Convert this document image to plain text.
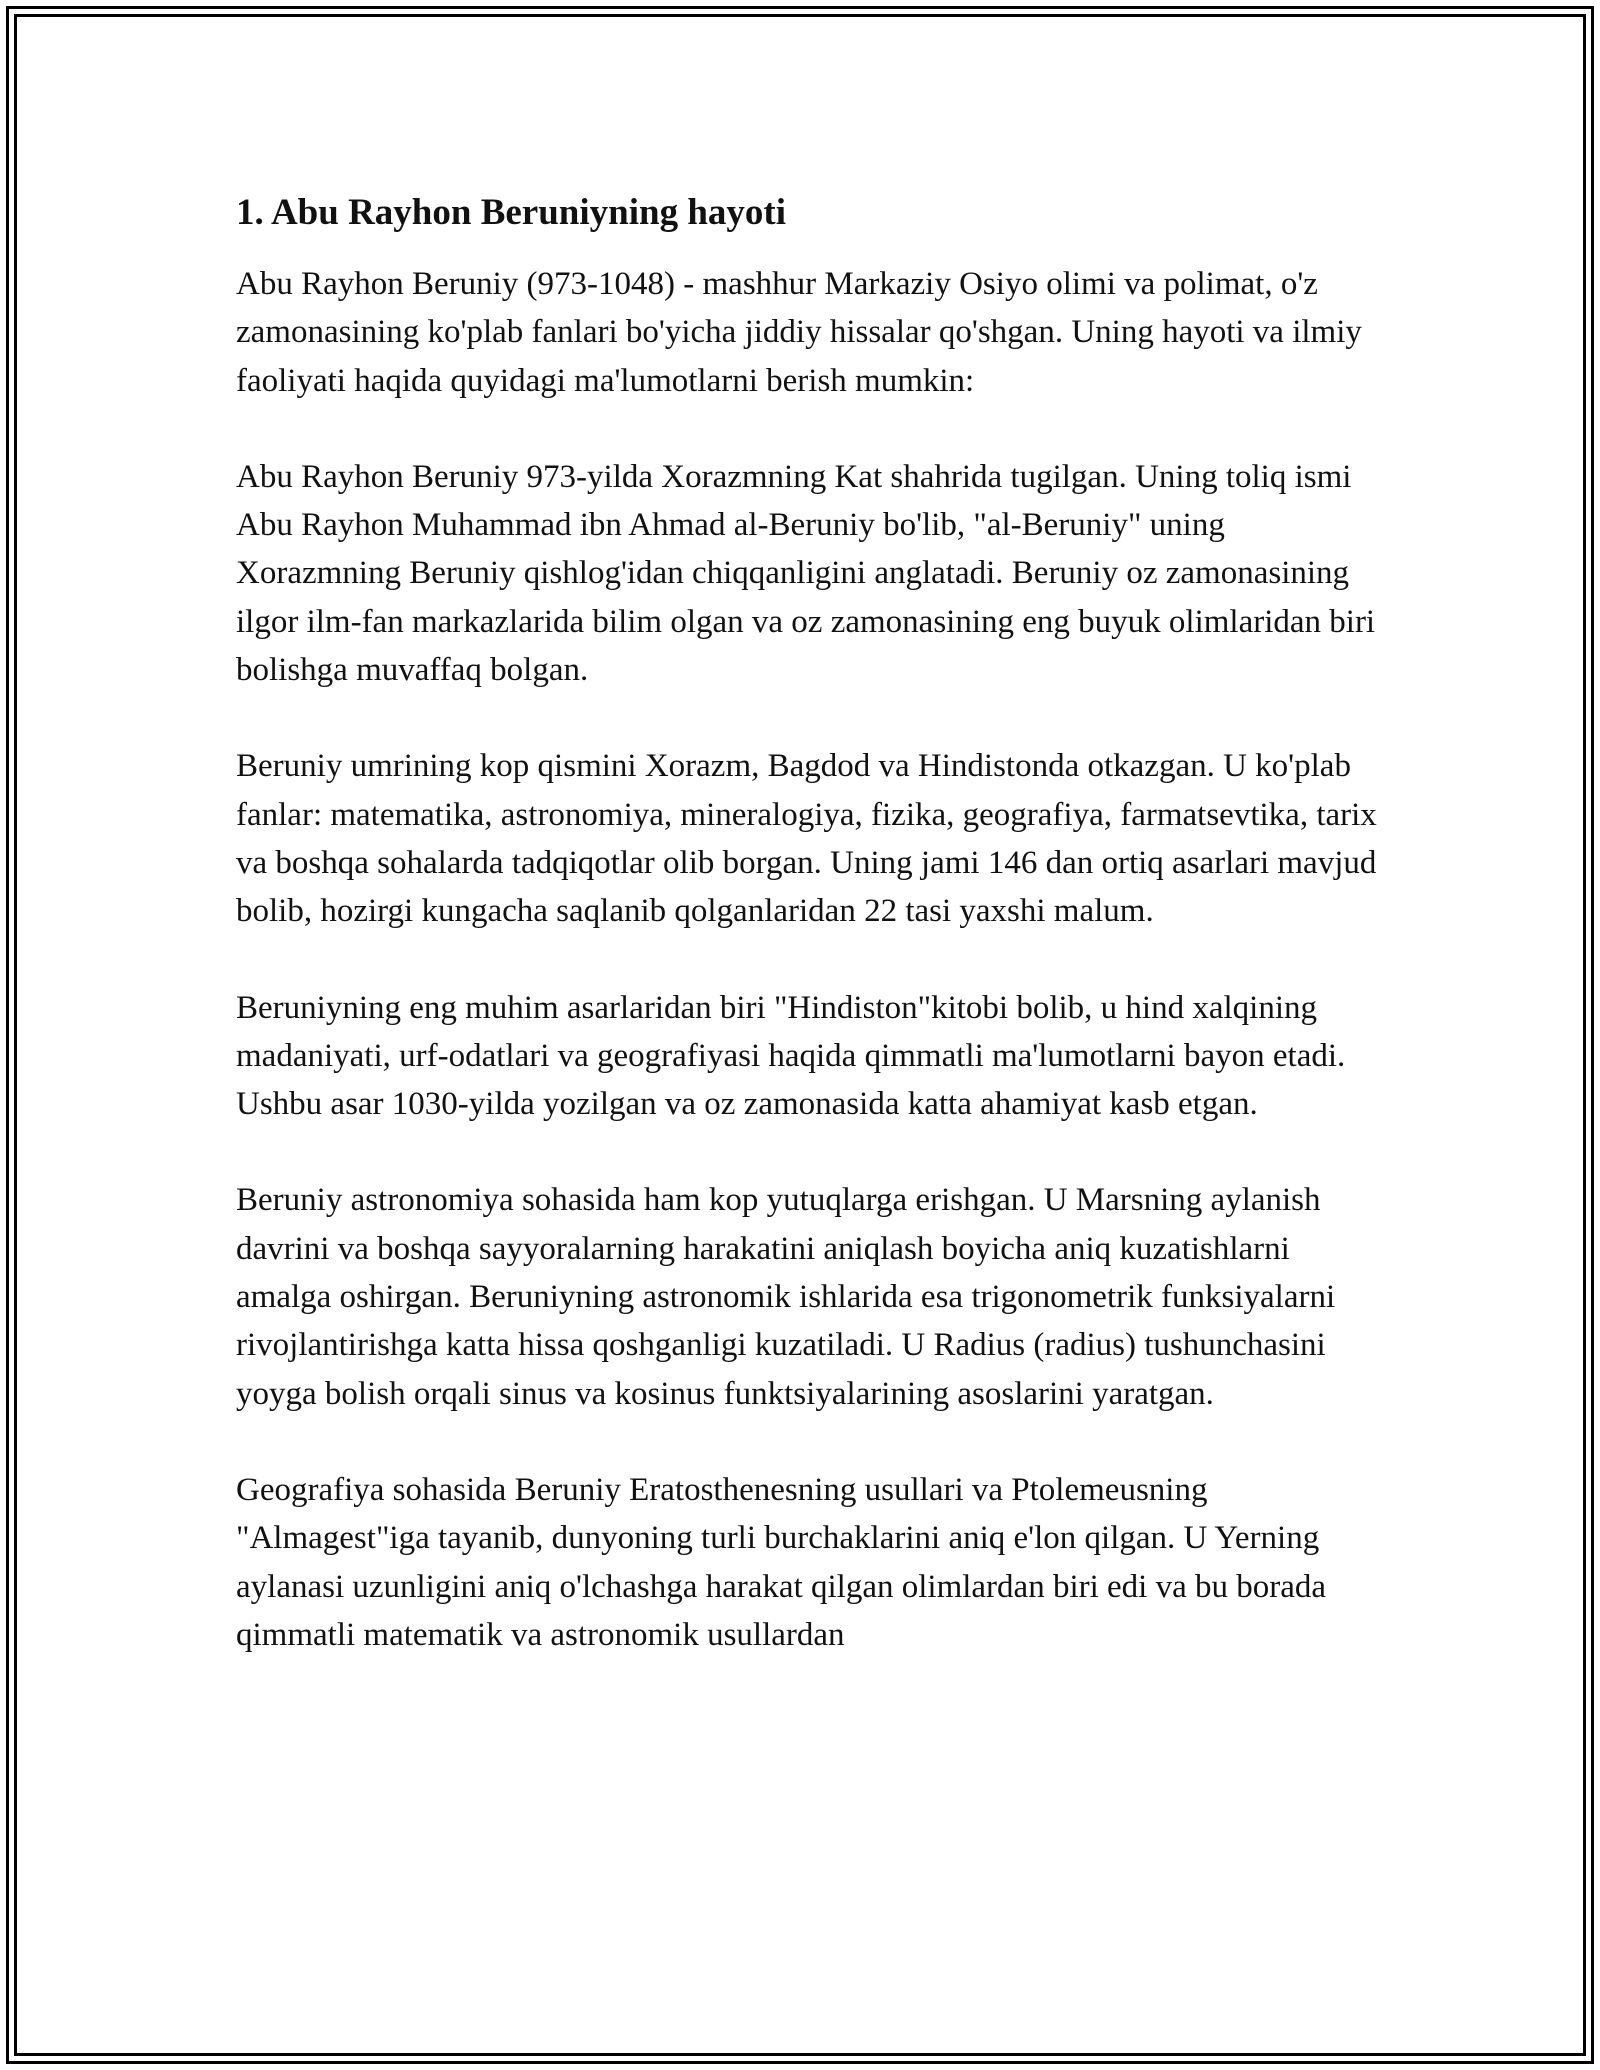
1. Abu Rayhon Beruniyning hayoti

Abu Rayhon Beruniy (973-1048) - mashhur Markaziy Osiyo olimi va polimat, o'z zamonasining ko'plab fanlari bo'yicha jiddiy hissalar qo'shgan. Uning hayoti va ilmiy faoliyati haqida quyidagi ma'lumotlarni berish mumkin:

Abu Rayhon Beruniy 973-yilda Xorazmning Kat shahrida tugilgan. Uning toliq ismi Abu Rayhon Muhammad ibn Ahmad al-Beruniy bo'lib, "al-Beruniy" uning Xorazmning Beruniy qishlog'idan chiqqanligini anglatadi. Beruniy oz zamonasining ilgor ilm-fan markazlarida bilim olgan va oz zamonasining eng buyuk olimlaridan biri bolishga muvaffaq bolgan.

Beruniy umrining kop qismini Xorazm, Bagdod va Hindistonda otkazgan. U ko'plab fanlar: matematika, astronomiya, mineralogiya, fizika, geografiya, farmatsevtika, tarix va boshqa sohalarda tadqiqotlar olib borgan. Uning jami 146 dan ortiq asarlari mavjud bolib, hozirgi kungacha saqlanib qolganlaridan 22 tasi yaxshi malum.

Beruniyning eng muhim asarlaridan biri "Hindiston"kitobi bolib, u hind xalqining madaniyati, urf-odatlari va geografiyasi haqida qimmatli ma'lumotlarni bayon etadi. Ushbu asar 1030-yilda yozilgan va oz zamonasida katta ahamiyat kasb etgan.

Beruniy astronomiya sohasida ham kop yutuqlarga erishgan. U Marsning aylanish davrini va boshqa sayyoralarning harakatini aniqlash boyicha aniq kuzatishlarni amalga oshirgan. Beruniyning astronomik ishlarida esa trigonometrik funksiyalarni rivojlantirishga katta hissa qoshganligi kuzatiladi. U Radius (radius) tushunchasini yoyga bolish orqali sinus va kosinus funktsiyalarining asoslarini yaratgan.

Geografiya sohasida Beruniy Eratosthenesning usullari va Ptolemeusning "Almagest"iga tayanib, dunyoning turli burchaklarini aniq e'lon qilgan. U Yerning aylanasi uzunligini aniq o'lchashga harakat qilgan olimlardan biri edi va bu borada qimmatli matematik va astronomik usullardan
